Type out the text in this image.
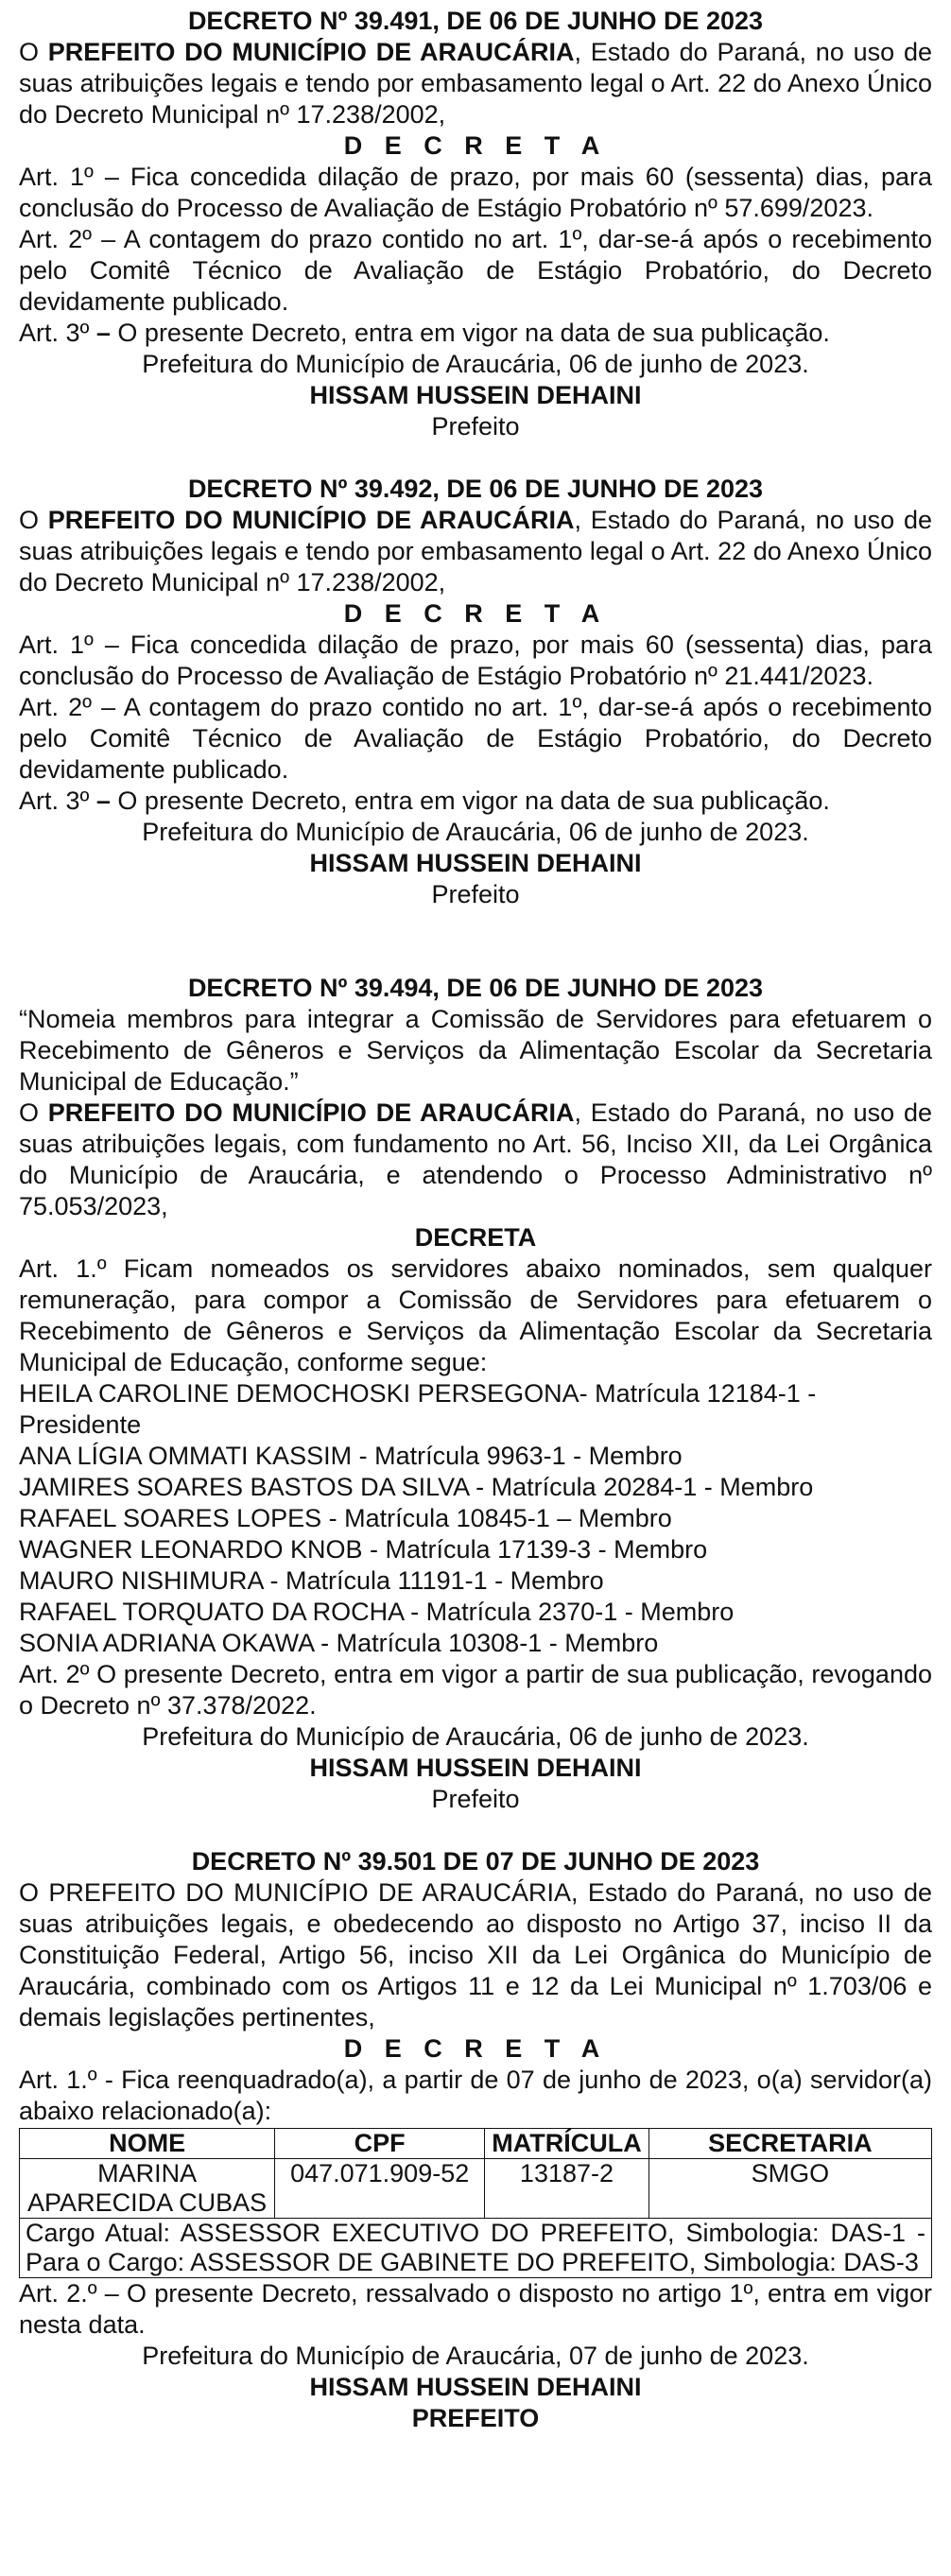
DECRETO Nº 39.491, DE 06 DE JUNHO DE 2023
O PREFEITO DO MUNICÍPIO DE ARAUCÁRIA, Estado do Paraná, no uso de suas atribuições legais e tendo por embasamento legal o Art. 22 do Anexo Único do Decreto Municipal nº 17.238/2002,
D E C R E T A
Art. 1º – Fica concedida dilação de prazo, por mais 60 (sessenta) dias, para conclusão do Processo de Avaliação de Estágio Probatório nº 57.699/2023.
Art. 2º – A contagem do prazo contido no art. 1º, dar-se-á após o recebimento pelo Comitê Técnico de Avaliação de Estágio Probatório, do Decreto devidamente publicado.
Art. 3º – O presente Decreto, entra em vigor na data de sua publicação.
Prefeitura do Município de Araucária, 06 de junho de 2023.
HISSAM HUSSEIN DEHAINI
Prefeito
DECRETO Nº 39.492, DE 06 DE JUNHO DE 2023
O PREFEITO DO MUNICÍPIO DE ARAUCÁRIA, Estado do Paraná, no uso de suas atribuições legais e tendo por embasamento legal o Art. 22 do Anexo Único do Decreto Municipal nº 17.238/2002,
D E C R E T A
Art. 1º – Fica concedida dilação de prazo, por mais 60 (sessenta) dias, para conclusão do Processo de Avaliação de Estágio Probatório nº 21.441/2023.
Art. 2º – A contagem do prazo contido no art. 1º, dar-se-á após o recebimento pelo Comitê Técnico de Avaliação de Estágio Probatório, do Decreto devidamente publicado.
Art. 3º – O presente Decreto, entra em vigor na data de sua publicação.
Prefeitura do Município de Araucária, 06 de junho de 2023.
HISSAM HUSSEIN DEHAINI
Prefeito
DECRETO Nº 39.494, DE 06 DE JUNHO DE 2023
“Nomeia membros para integrar a Comissão de Servidores para efetuarem o Recebimento de Gêneros e Serviços da Alimentação Escolar da Secretaria Municipal de Educação.”
O PREFEITO DO MUNICÍPIO DE ARAUCÁRIA, Estado do Paraná, no uso de suas atribuições legais, com fundamento no Art. 56, Inciso XII, da Lei Orgânica do Município de Araucária, e atendendo o Processo Administrativo nº 75.053/2023,
DECRETA
Art. 1.º Ficam nomeados os servidores abaixo nominados, sem qualquer remuneração, para compor a Comissão de Servidores para efetuarem o Recebimento de Gêneros e Serviços da Alimentação Escolar da Secretaria Municipal de Educação, conforme segue:
HEILA CAROLINE DEMOCHOSKI PERSEGONA- Matrícula 12184-1 - Presidente
ANA LÍGIA OMMATI KASSIM - Matrícula 9963-1 - Membro
JAMIRES SOARES BASTOS DA SILVA - Matrícula 20284-1 - Membro
RAFAEL SOARES LOPES - Matrícula 10845-1 – Membro
WAGNER LEONARDO KNOB - Matrícula 17139-3 - Membro
MAURO NISHIMURA - Matrícula 11191-1 - Membro
RAFAEL TORQUATO DA ROCHA - Matrícula 2370-1 - Membro
SONIA ADRIANA OKAWA - Matrícula 10308-1 - Membro
Art. 2º O presente Decreto, entra em vigor a partir de sua publicação, revogando o Decreto nº 37.378/2022.
Prefeitura do Município de Araucária, 06 de junho de 2023.
HISSAM HUSSEIN DEHAINI
Prefeito
DECRETO Nº 39.501 DE 07 DE JUNHO DE 2023
O PREFEITO DO MUNICÍPIO DE ARAUCÁRIA, Estado do Paraná, no uso de suas atribuições legais, e obedecendo ao disposto no Artigo 37, inciso II da Constituição Federal, Artigo 56, inciso XII da Lei Orgânica do Município de Araucária, combinado com os Artigos 11 e 12 da Lei Municipal nº 1.703/06 e demais legislações pertinentes,
D E C R E T A
Art. 1.º - Fica reenquadrado(a), a partir de 07 de junho de 2023, o(a) servidor(a) abaixo relacionado(a):
NOME	CPF	MATRÍCULA	SECRETARIA
MARINA APARECIDA CUBAS	047.071.909-52	13187-2	SMGO
Cargo Atual: ASSESSOR EXECUTIVO DO PREFEITO, Simbologia: DAS-1 - Para o Cargo: ASSESSOR DE GABINETE DO PREFEITO, Simbologia: DAS-3			
Art. 2.º – O presente Decreto, ressalvado o disposto no artigo 1º, entra em vigor nesta data.
Prefeitura do Município de Araucária, 07 de junho de 2023.
HISSAM HUSSEIN DEHAINI
PREFEITO
